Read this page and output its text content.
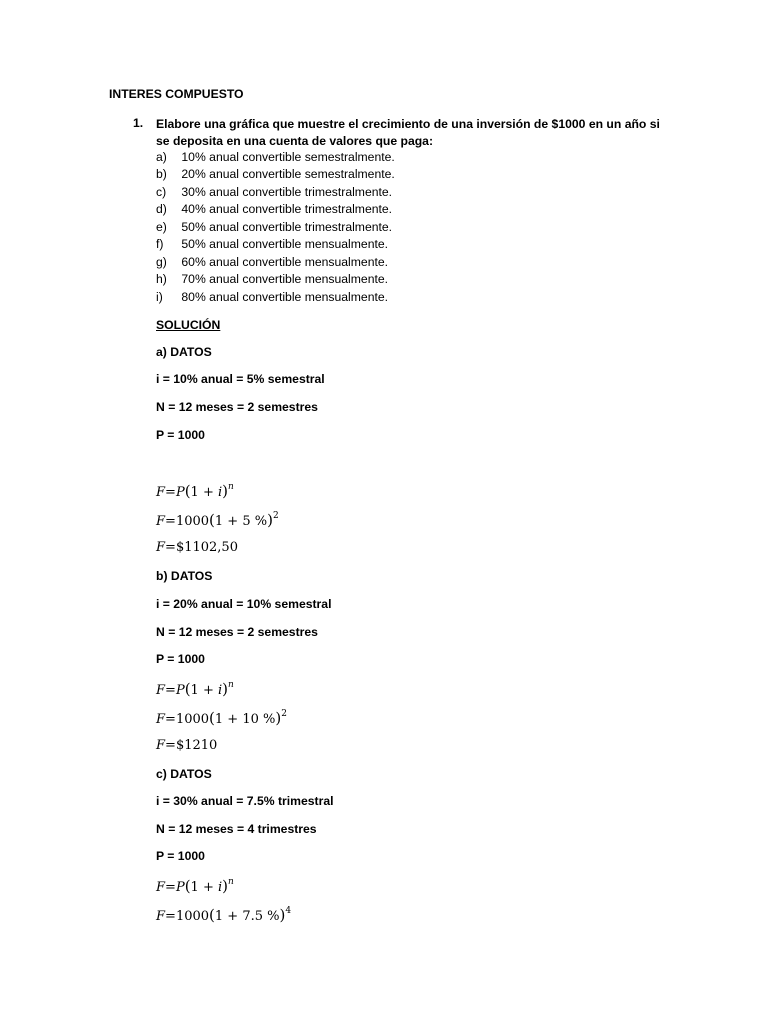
INTERES COMPUESTO
1. Elabore una gráfica que muestre el crecimiento de una inversión de $1000 en un año si
se deposita en una cuenta de valores que paga:
a) 10% anual convertible semestralmente.
b) 20% anual convertible semestralmente.
c) 30% anual convertible trimestralmente.
d) 40% anual convertible trimestralmente.
e) 50% anual convertible trimestralmente.
f) 50% anual convertible mensualmente.
g) 60% anual convertible mensualmente.
h) 70% anual convertible mensualmente.
i) 80% anual convertible mensualmente.
SOLUCIÓN
a) DATOS
i = 10% anual = 5% semestral
N = 12 meses = 2 semestres
P = 1000
$F=P(1 + i)^n$
F=1000(1 + 5 %)$^2$
F=$1102,50
b) DATOS
i = 20% anual = 10% semestral
N = 12 meses = 2 semestres
P = 1000
$F=P(1 + i)^n$
F=1000(1 + 10 %)$^2$
F=$1210
c) DATOS
i = 30% anual = 7.5% trimestral
N = 12 meses = 4 trimestres
P = 1000
$F=P(1 + i)^n$
F=1000(1 + 7.5 %)$^4$
